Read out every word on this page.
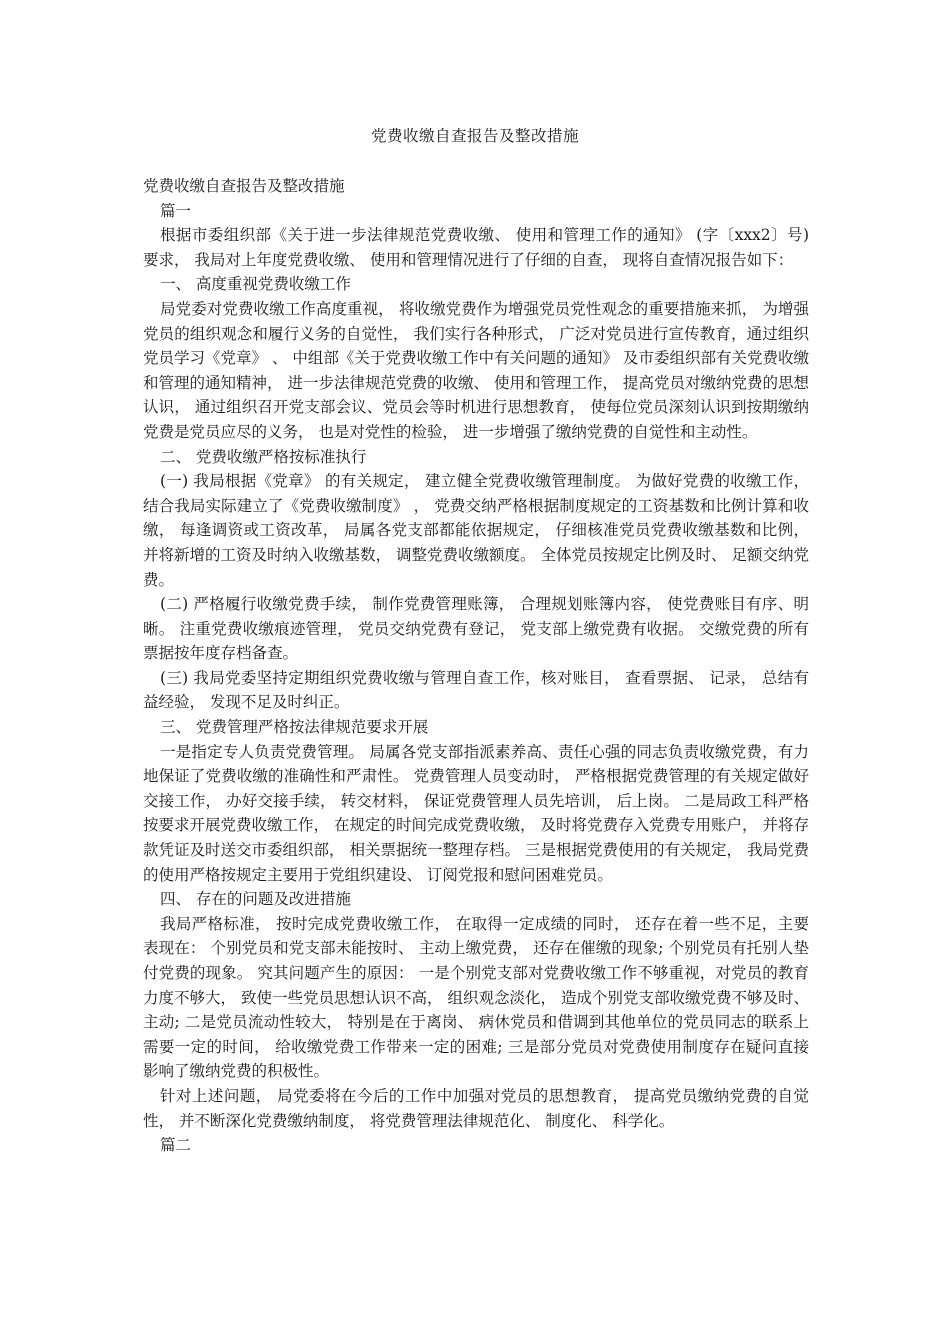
党费收缴自查报告及整改措施

党费收缴自查报告及整改措施

篇一

根据市委组织部《关于进一步法律规范党费收缴、 使用和管理工作的通知》 (字〔xxx2〕号) 要求， 我局对上年度党费收缴、 使用和管理情况进行了仔细的自查， 现将自查情况报告如下：

一、 高度重视党费收缴工作

局党委对党费收缴工作高度重视， 将收缴党费作为增强党员党性观念的重要措施来抓， 为增强党员的组织观念和履行义务的自觉性， 我们实行各种形式， 广泛对党员进行宣传教育，通过组织党员学习《党章》 、 中组部《关于党费收缴工作中有关问题的通知》 及市委组织部有关党费收缴和管理的通知精神， 进一步法律规范党费的收缴、 使用和管理工作， 提高党员对缴纳党费的思想认识， 通过组织召开党支部会议、党员会等时机进行思想教育， 使每位党员深刻认识到按期缴纳党费是党员应尽的义务， 也是对党性的检验， 进一步增强了缴纳党费的自觉性和主动性。

二、 党费收缴严格按标准执行

(一) 我局根据《党章》 的有关规定， 建立健全党费收缴管理制度。 为做好党费的收缴工作， 结合我局实际建立了《党费收缴制度》 ， 党费交纳严格根据制度规定的工资基数和比例计算和收缴， 每逢调资或工资改革， 局属各党支部都能依据规定， 仔细核准党员党费收缴基数和比例， 并将新增的工资及时纳入收缴基数， 调整党费收缴额度。 全体党员按规定比例及时、 足额交纳党费。

(二) 严格履行收缴党费手续， 制作党费管理账簿， 合理规划账簿内容， 使党费账目有序、明晰。 注重党费收缴痕迹管理， 党员交纳党费有登记， 党支部上缴党费有收据。 交缴党费的所有票据按年度存档备查。

(三) 我局党委坚持定期组织党费收缴与管理自查工作，核对账目， 查看票据、 记录， 总结有益经验， 发现不足及时纠正。

三、 党费管理严格按法律规范要求开展

一是指定专人负责党费管理。 局属各党支部指派素养高、责任心强的同志负责收缴党费，有力地保证了党费收缴的准确性和严肃性。 党费管理人员变动时， 严格根据党费管理的有关规定做好交接工作， 办好交接手续， 转交材料， 保证党费管理人员先培训， 后上岗。 二是局政工科严格按要求开展党费收缴工作， 在规定的时间完成党费收缴， 及时将党费存入党费专用账户， 并将存款凭证及时送交市委组织部， 相关票据统一整理存档。 三是根据党费使用的有关规定， 我局党费的使用严格按规定主要用于党组织建设、 订阅党报和慰问困难党员。

四、 存在的问题及改进措施

我局严格标准， 按时完成党费收缴工作， 在取得一定成绩的同时， 还存在着一些不足，主要表现在： 个别党员和党支部未能按时、 主动上缴党费， 还存在催缴的现象; 个别党员有托别人垫付党费的现象。 究其问题产生的原因： 一是个别党支部对党费收缴工作不够重视，对党员的教育力度不够大， 致使一些党员思想认识不高， 组织观念淡化， 造成个别党支部收缴党费不够及时、 主动; 二是党员流动性较大， 特别是在于离岗、 病休党员和借调到其他单位的党员同志的联系上需要一定的时间， 给收缴党费工作带来一定的困难; 三是部分党员对党费使用制度存在疑问直接影响了缴纳党费的积极性。

针对上述问题， 局党委将在今后的工作中加强对党员的思想教育， 提高党员缴纳党费的自觉性， 并不断深化党费缴纳制度， 将党费管理法律规范化、 制度化、 科学化。

篇二
